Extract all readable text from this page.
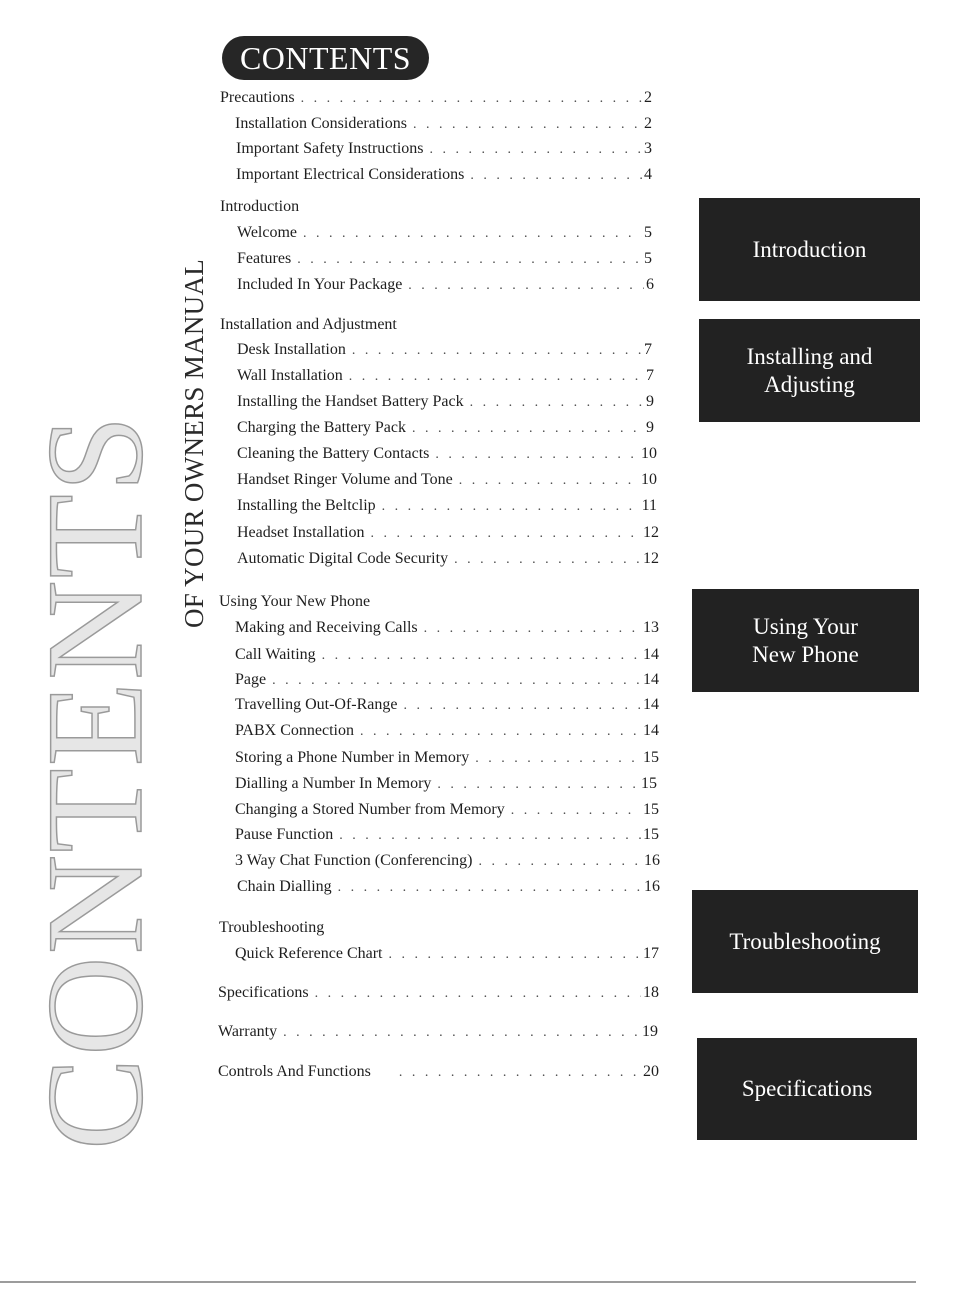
CONTENTS OF YOUR OWNERS MANUAL
CONTENTS
Precautions . . .	2
Installation Considerations . . .	2
Important Safety Instructions . . .	3
Important Electrical Considerations . . .	4
Introduction
Welcome . . .	5
Features . . .	5
Included In Your Package . . .	6
Installation and Adjustment
Desk Installation . . .	7
Wall Installation . . .	7
Installing the Handset Battery Pack . . .	9
Charging the Battery Pack . . .	9
Cleaning the Battery Contacts . . .	10
Handset Ringer Volume and Tone . . .	10
Installing the Beltclip . . .	11
Headset Installation . . .	12
Automatic Digital Code Security . . .	12
Using Your New Phone
Making and Receiving Calls . . .	13
Call Waiting . . .	14
Page . . .	14
Travelling Out-Of-Range . . .	14
PABX Connection . . .	14
Storing a Phone Number in Memory . . .	15
Dialling a Number In Memory . . .	15
Changing a Stored Number from Memory . . .	15
Pause Function . . .	15
3 Way Chat Function (Conferencing) . . .	16
Chain Dialling . . .	16
Troubleshooting
Quick Reference Chart . . .	17
Specifications . . .	18
Warranty . . .	19
Controls And Functions . . .	20
Introduction
Installing and
Adjusting
Using Your
New Phone
Troubleshooting
Specifications
